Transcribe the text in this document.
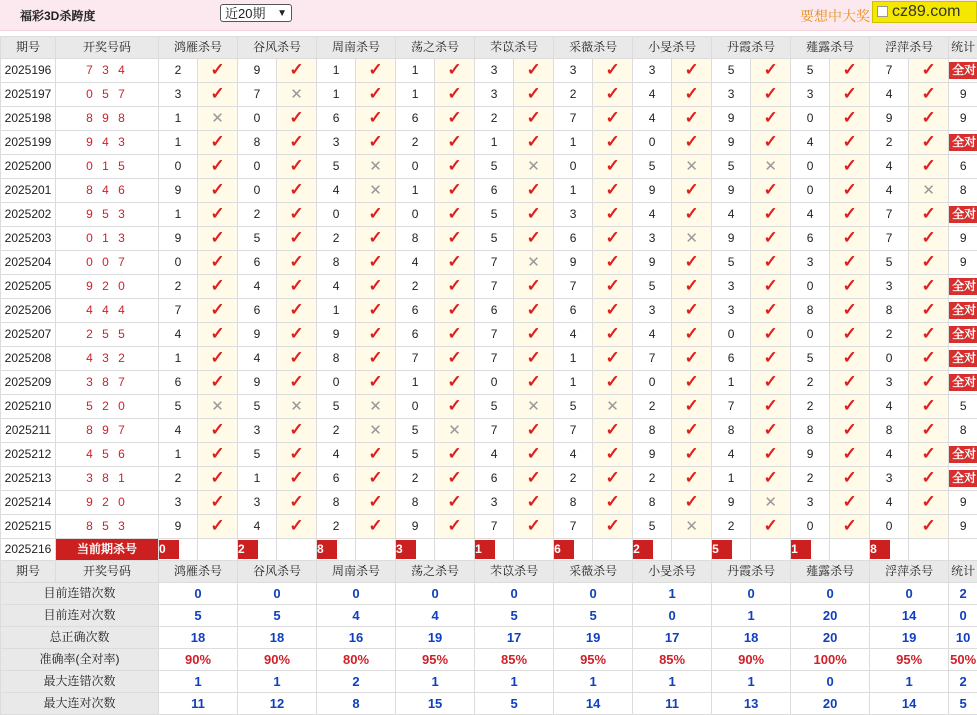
福彩3D杀跨度	近20期 ▼	要想中大奖	cz89.com
期号	开奖号码	鸿雁杀号		谷风杀号		周南杀号		荡之杀号		芣苡杀号		采薇杀号		小旻杀号		丹霞杀号		薤露杀号		浮萍杀号		统计
2025196	7 3 4	2	✓	9	✓	1	✓	1	✓	3	✓	3	✓	3	✓	5	✓	5	✓	7	✓	全对
2025197	0 5 7	3	✓	7	✕	1	✓	1	✓	3	✓	2	✓	4	✓	3	✓	3	✓	4	✓	9
2025198	8 9 8	1	✕	0	✓	6	✓	6	✓	2	✓	7	✓	4	✓	9	✓	0	✓	9	✓	9
2025199	9 4 3	1	✓	8	✓	3	✓	2	✓	1	✓	1	✓	0	✓	9	✓	4	✓	2	✓	全对
2025200	0 1 5	0	✓	0	✓	5	✕	0	✓	5	✕	0	✓	5	✕	5	✕	0	✓	4	✓	6
2025201	8 4 6	9	✓	0	✓	4	✕	1	✓	6	✓	1	✓	9	✓	9	✓	0	✓	4	✕	8
2025202	9 5 3	1	✓	2	✓	0	✓	0	✓	5	✓	3	✓	4	✓	4	✓	4	✓	7	✓	全对
2025203	0 1 3	9	✓	5	✓	2	✓	8	✓	5	✓	6	✓	3	✕	9	✓	6	✓	7	✓	9
2025204	0 0 7	0	✓	6	✓	8	✓	4	✓	7	✕	9	✓	9	✓	5	✓	3	✓	5	✓	9
2025205	9 2 0	2	✓	4	✓	4	✓	2	✓	7	✓	7	✓	5	✓	3	✓	0	✓	3	✓	全对
2025206	4 4 4	7	✓	6	✓	1	✓	6	✓	6	✓	6	✓	3	✓	3	✓	8	✓	8	✓	全对
2025207	2 5 5	4	✓	9	✓	9	✓	6	✓	7	✓	4	✓	4	✓	0	✓	0	✓	2	✓	全对
2025208	4 3 2	1	✓	4	✓	8	✓	7	✓	7	✓	1	✓	7	✓	6	✓	5	✓	0	✓	全对
2025209	3 8 7	6	✓	9	✓	0	✓	1	✓	0	✓	1	✓	0	✓	1	✓	2	✓	3	✓	全对
2025210	5 2 0	5	✕	5	✕	5	✕	0	✓	5	✕	5	✕	2	✓	7	✓	2	✓	4	✓	5
2025211	8 9 7	4	✓	3	✓	2	✕	5	✕	7	✓	7	✓	8	✓	8	✓	8	✓	8	✓	8
2025212	4 5 6	1	✓	5	✓	4	✓	5	✓	4	✓	4	✓	9	✓	4	✓	9	✓	4	✓	全对
2025213	3 8 1	2	✓	1	✓	6	✓	2	✓	6	✓	2	✓	2	✓	1	✓	2	✓	3	✓	全对
2025214	9 2 0	3	✓	3	✓	8	✓	8	✓	3	✓	8	✓	8	✓	9	✕	3	✓	4	✓	9
2025215	8 5 3	9	✓	4	✓	2	✓	9	✓	7	✓	7	✓	5	✕	2	✓	0	✓	0	✓	9
2025216	当前期杀号	0		2		8		3		1		6		2		5		1		8		
期号	开奖号码	鸿雁杀号		谷风杀号		周南杀号		荡之杀号		芣苡杀号		采薇杀号		小旻杀号		丹霞杀号		薤露杀号		浮萍杀号		统计
目前连错次数		0		0		0		0		0		0		1		0		0		0		2
目前连对次数		5		5		4		4		5		5		0		1		20		14		0
总正确次数		18		18		16		19		17		19		17		18		20		19		10
准确率(全对率)		90%		90%		80%		95%		85%		95%		85%		90%		100%		95%		50%
最大连错次数		1		1		2		1		1		1		1		1		0		1		2
最大连对次数		11		12		8		15		5		14		11		13		20		14		5
